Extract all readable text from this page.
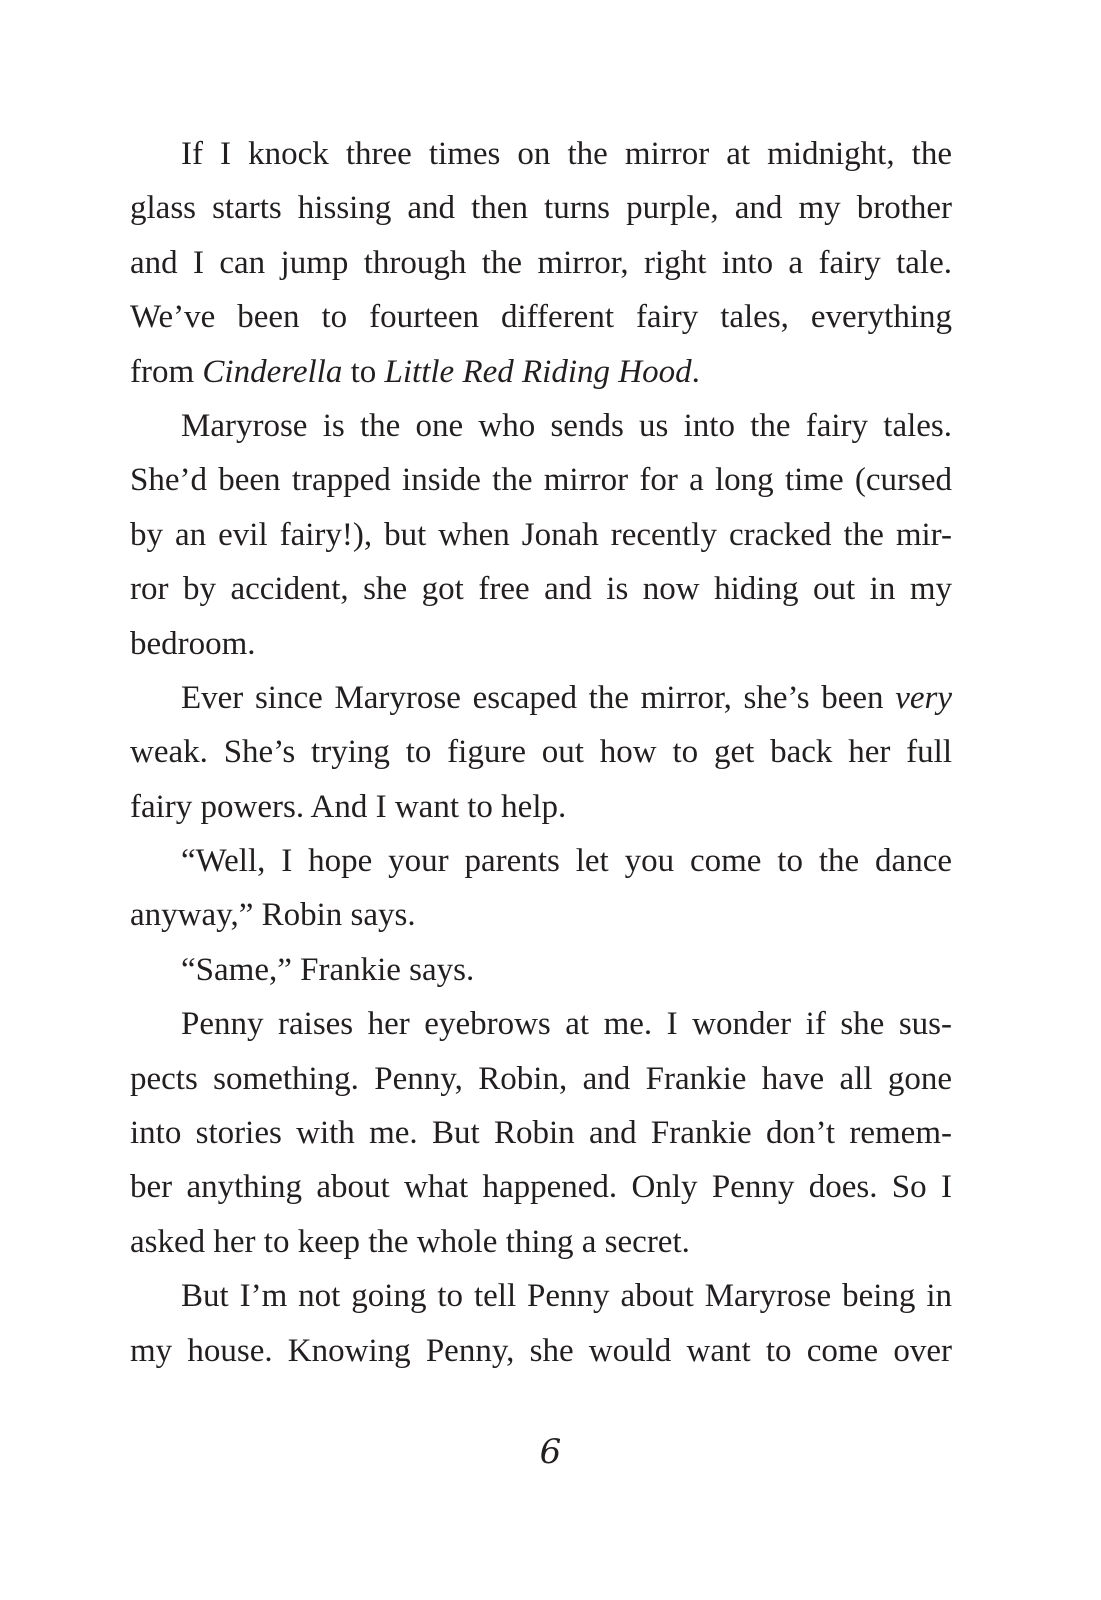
If I knock three times on the mirror at midnight, the
glass starts hissing and then turns purple, and my brother
and I can jump through the mirror, right into a fairy tale.
We’ve been to fourteen different fairy tales, everything
from Cinderella to Little Red Riding Hood.
Maryrose is the one who sends us into the fairy tales.
She’d been trapped inside the mirror for a long time (cursed
by an evil fairy!), but when Jonah recently cracked the mir-
ror by accident, she got free and is now hiding out in my
bedroom.
Ever since Maryrose escaped the mirror, she’s been very
weak. She’s trying to figure out how to get back her full
fairy powers. And I want to help.
“Well, I hope your parents let you come to the dance
anyway,” Robin says.
“Same,” Frankie says.
Penny raises her eyebrows at me. I wonder if she sus-
pects something. Penny, Robin, and Frankie have all gone
into stories with me. But Robin and Frankie don’t remem-
ber anything about what happened. Only Penny does. So I
asked her to keep the whole thing a secret.
But I’m not going to tell Penny about Maryrose being in
my house. Knowing Penny, she would want to come over
6
